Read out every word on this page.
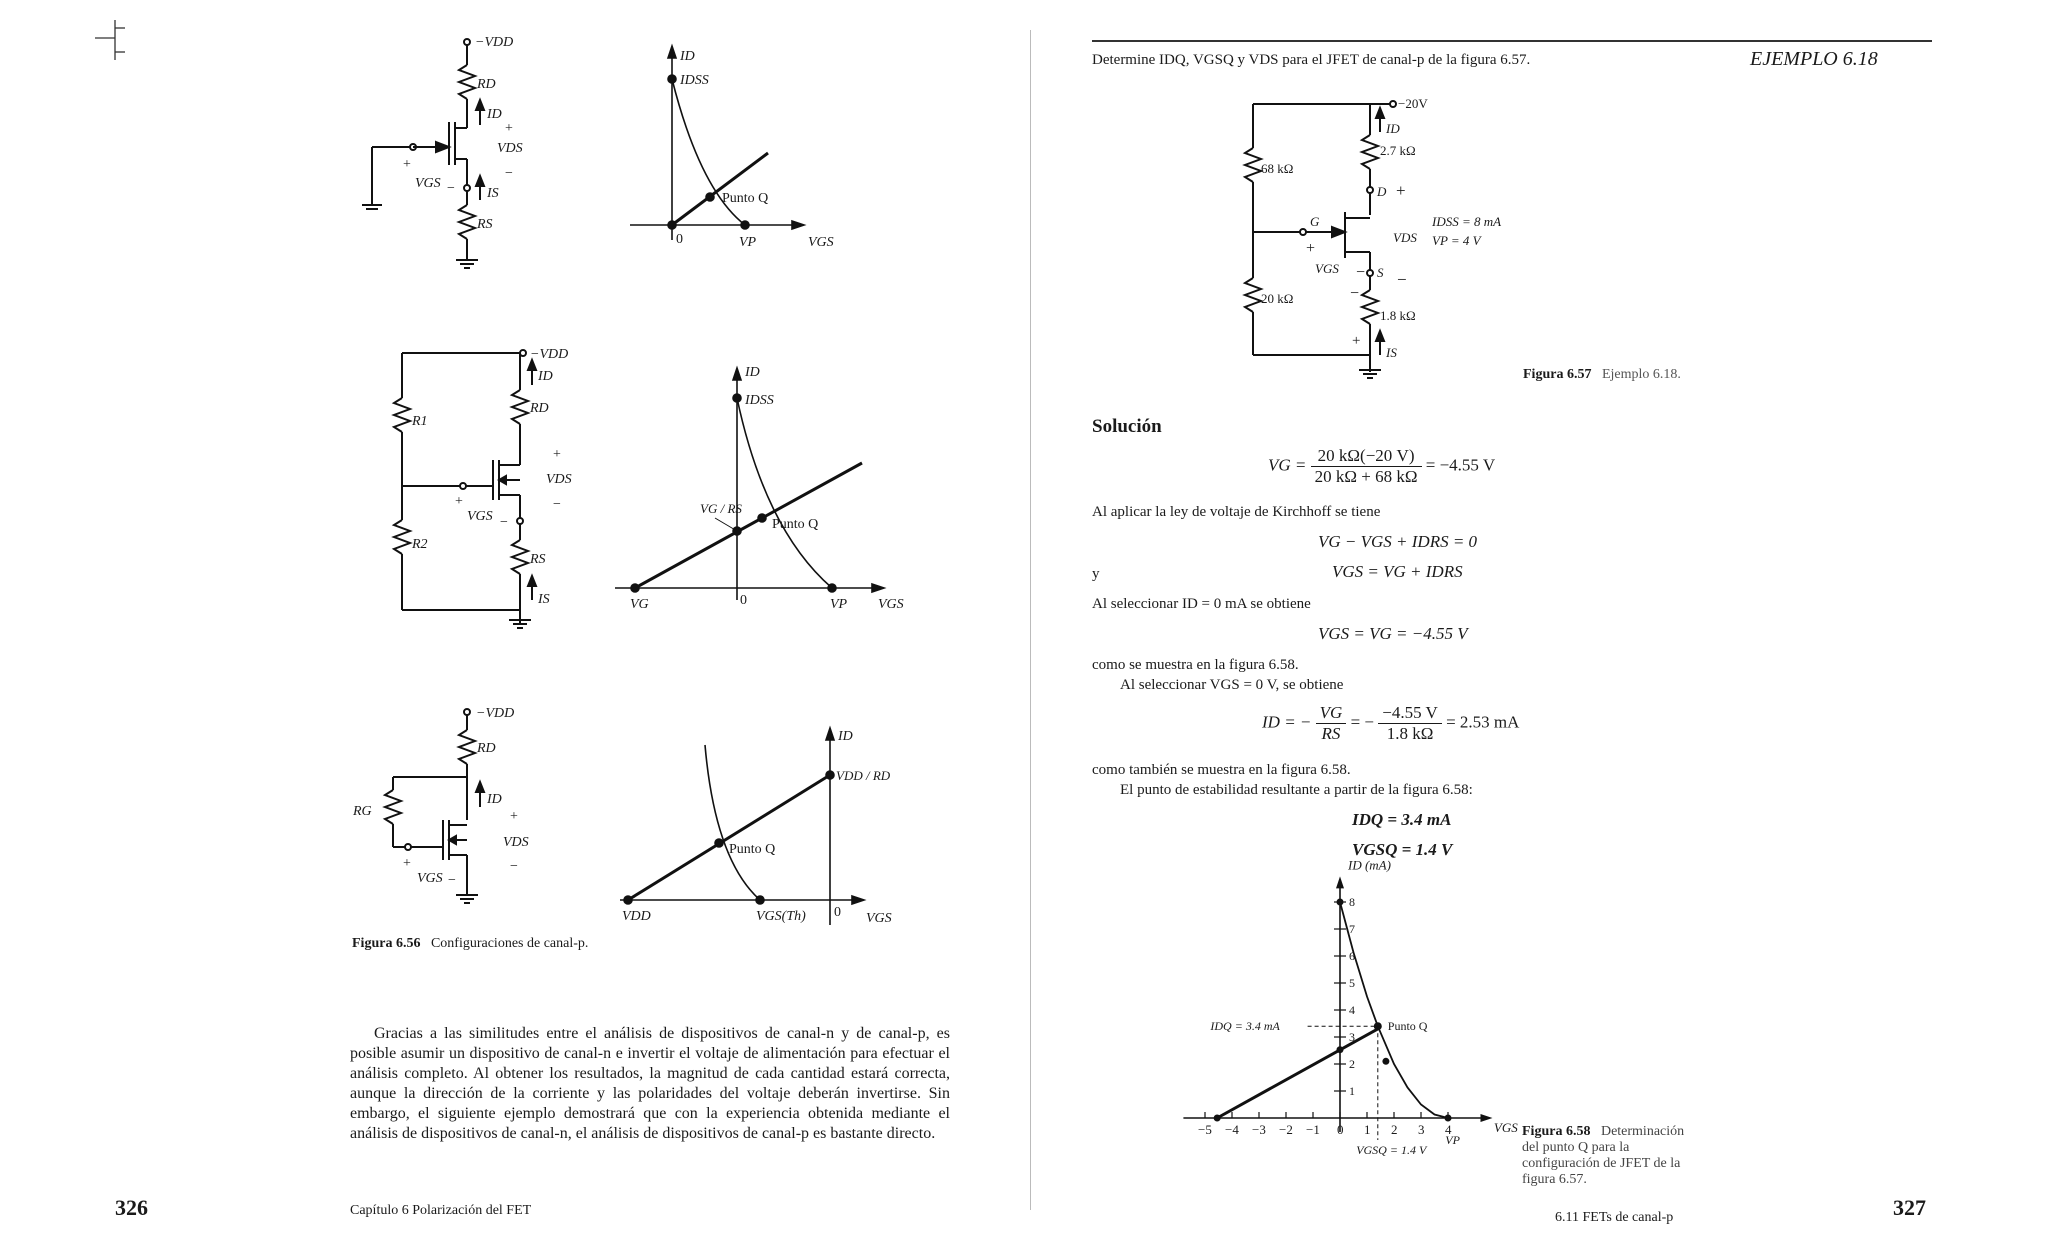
−VDD
RD
ID
+
VDS
−
+
VGS − IS
RS
ID
IDSS
Punto Q
0	VP	VGS
−VDD
ID
RD
R1
+
VDS
−
+
VGS −
R2
RS
IS
ID
IDSS
VG / RS
Punto Q
VG	0	VP VGS
−VDD
RD
RG
ID
+
VDS
−
+
VGS −
ID
VDD / RD
Punto Q
VDD	VGS(Th) 0 VGS
Figura 6.56 Configuraciones de canal-p.
Gracias a las similitudes entre el análisis de dispositivos de canal-n y de canal-p, es posible asumir un dispositivo de canal-n e invertir el voltaje de alimentación para efectuar el análisis completo. Al obtener los resultados, la magnitud de cada cantidad estará correcta, aunque la dirección de la corriente y las polaridades del voltaje deberán invertirse. Sin embargo, el siguiente ejemplo demostrará que con la experiencia obtenida mediante el análisis de dispositivos de canal-n, el análisis de dispositivos de canal-p es bastante directo.
326	Capítulo 6 Polarización del FET
Determine IDQ, VGSQ y VDS para el JFET de canal-p de la figura 6.57.	EJEMPLO 6.18
−20V
ID
2.7 kΩ
68 kΩ
D +
G
VDS
IDSS = 8 mA
VP = 4 V
+
VGS − S −
−
20 kΩ
1.8 kΩ
+
IS
−5 −4 −3 −2 −1 0 1 2 3 4
1
2
3
4
5
6
7
8
ID (mA)
VGS
Punto Q
IDQ = 3.4 mA
VGSQ = 1.4 V
VP
Figura 6.57 Ejemplo 6.18.
Solución
VG = $\frac{20 k\Omega(-20 V)}{20 k\Omega + 68 k\Omega} = -4.55$ V
Al aplicar la ley de voltaje de Kirchhoff se tiene
VG − VGS + IDRS = 0
y	VGS = VG + IDRS
Al seleccionar ID = 0 mA se obtiene
VGS = VG = −4.55 V
como se muestra en la figura 6.58.
Al seleccionar VGS = 0 V, se obtiene
ID = − $\frac{VG}{RS}$ = − $\frac{-4.55 V}{1.8 k\Omega} = 2.53$ mA
como también se muestra en la figura 6.58.
El punto de estabilidad resultante a partir de la figura 6.58:
IDQ = 3.4 mA
VGSQ = 1.4 V
Figura 6.58 Determinación del punto Q para la configuración de JFET de la figura 6.57.
327
6.11 FETs de canal-p
